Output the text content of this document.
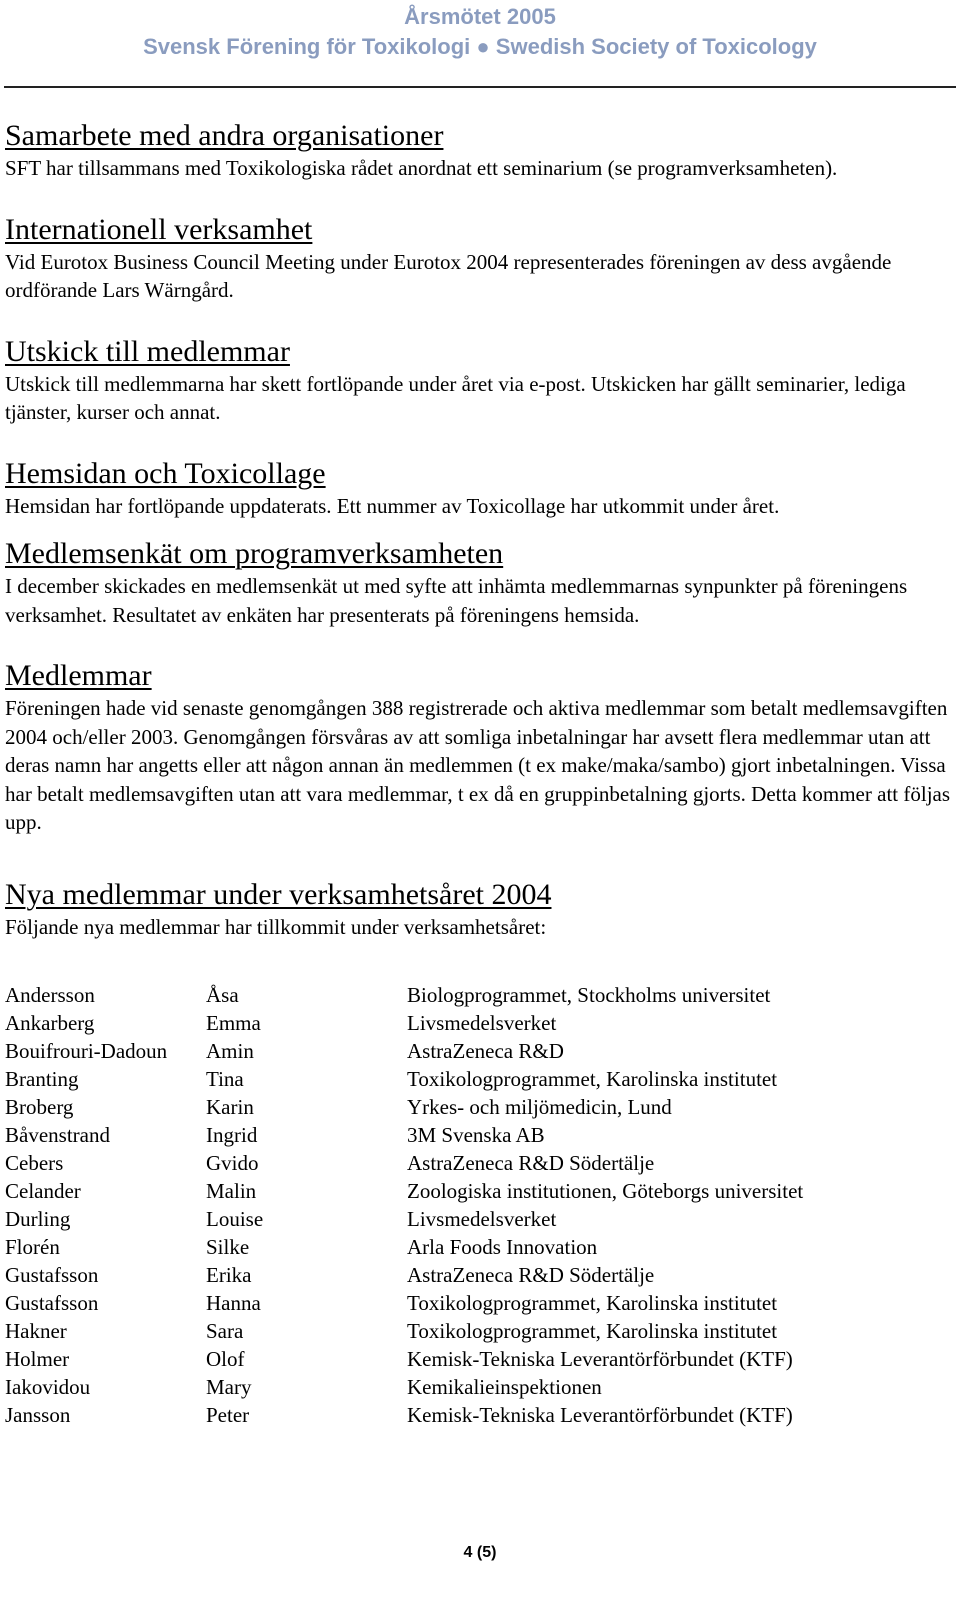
Årsmötet 2005
Svensk Förening för Toxikologi ● Swedish Society of Toxicology
Samarbete med andra organisationer

SFT har tillsammans med Toxikologiska rådet anordnat ett seminarium (se programverksamheten).

Internationell verksamhet

Vid Eurotox Business Council Meeting under Eurotox 2004 representerades föreningen av dess avgående ordförande Lars Wärngård.

Utskick till medlemmar

Utskick till medlemmarna har skett fortlöpande under året via e-post. Utskicken har gällt seminarier, lediga tjänster, kurser och annat.

Hemsidan och Toxicollage

Hemsidan har fortlöpande uppdaterats. Ett nummer av Toxicollage har utkommit under året.

Medlemsenkät om programverksamheten

I december skickades en medlemsenkät ut med syfte att inhämta medlemmarnas synpunkter på föreningens verksamhet. Resultatet av enkäten har presenterats på föreningens hemsida.

Medlemmar

Föreningen hade vid senaste genomgången 388 registrerade och aktiva medlemmar som betalt medlemsavgiften 2004 och/eller 2003. Genomgången försvåras av att somliga inbetalningar har avsett flera medlemmar utan att deras namn har angetts eller att någon annan än medlemmen (t ex make/maka/sambo) gjort inbetalningen. Vissa har betalt medlemsavgiften utan att vara medlemmar, t ex då en gruppinbetalning gjorts. Detta kommer att följas upp.

Nya medlemmar under verksamhetsåret 2004

Följande nya medlemmar har tillkommit under verksamhetsåret:

Andersson	Åsa	Biologprogrammet, Stockholms universitet
Ankarberg	Emma	Livsmedelsverket
Bouifrouri-Dadoun	Amin	AstraZeneca R&D
Branting	Tina	Toxikologprogrammet, Karolinska institutet
Broberg	Karin	Yrkes- och miljömedicin, Lund
Båvenstrand	Ingrid	3M Svenska AB
Cebers	Gvido	AstraZeneca R&D Södertälje
Celander	Malin	Zoologiska institutionen, Göteborgs universitet
Durling	Louise	Livsmedelsverket
Florén	Silke	Arla Foods Innovation
Gustafsson	Erika	AstraZeneca R&D Södertälje
Gustafsson	Hanna	Toxikologprogrammet, Karolinska institutet
Hakner	Sara	Toxikologprogrammet, Karolinska institutet
Holmer	Olof	Kemisk-Tekniska Leverantörförbundet (KTF)
Iakovidou	Mary	Kemikalieinspektionen
Jansson	Peter	Kemisk-Tekniska Leverantörförbundet (KTF)
4 (5)
